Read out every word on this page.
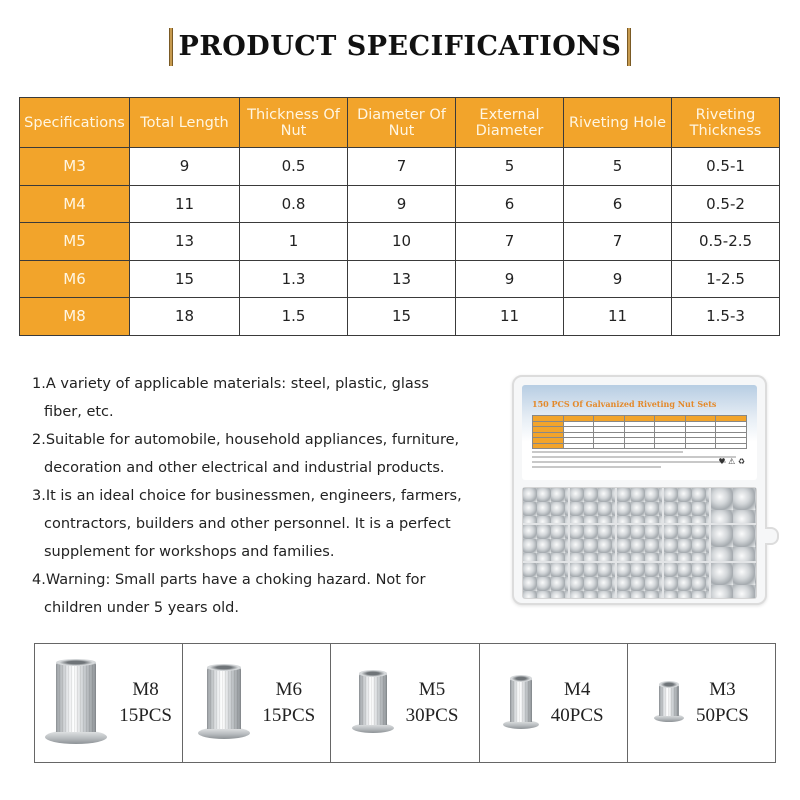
PRODUCT SPECIFICATIONS
Specifications	Total Length	Thickness Of Nut	Diameter Of Nut	External Diameter	Riveting Hole	Riveting Thickness
M3	9	0.5	7	5	5	0.5-1
M4	11	0.8	9	6	6	0.5-2
M5	13	1	10	7	7	0.5-2.5
M6	15	1.3	13	9	9	1-2.5
M8	18	1.5	15	11	11	1.5-3
1.A variety of applicable materials: steel, plastic, glass
fiber, etc.
2.Suitable for automobile, household appliances, furniture,
decoration and other electrical and industrial products.
3.It is an ideal choice for businessmen, engineers, farmers,
contractors, builders and other personnel. It is a perfect
supplement for workshops and families.
4.Warning: Small parts have a choking hazard. Not for
children under 5 years old.
150 PCS Of Galvanized Riveting Nut Sets

♥ ⚠ ♻
M8
15PCS
M6
15PCS
M5
30PCS
M4
40PCS
M3
50PCS
